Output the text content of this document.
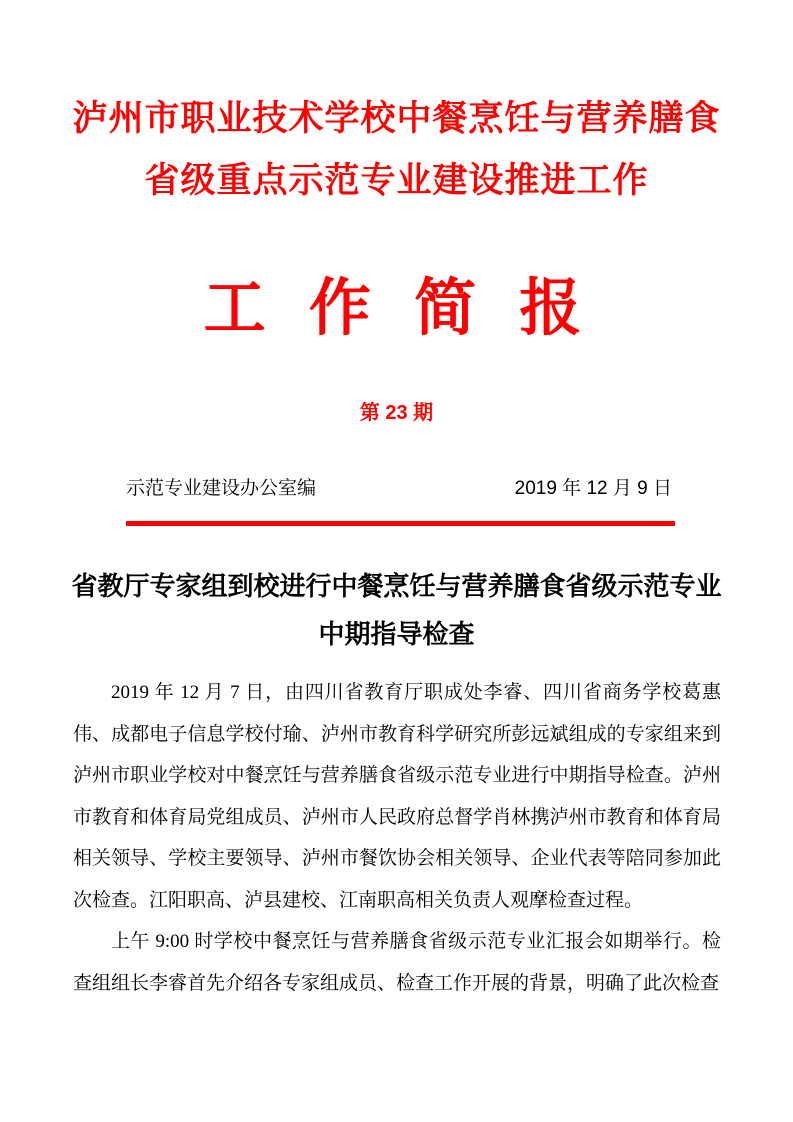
泸州市职业技术学校中餐烹饪与营养膳食
省级重点示范专业建设推进工作
工 作 简 报
第 23 期
示范专业建设办公室编	2019 年 12 月 9 日
省教厅专家组到校进行中餐烹饪与营养膳食省级示范专业
中期指导检查

2019 年 12 月 7 日，由四川省教育厅职成处李睿、四川省商务学校葛惠伟、成都电子信息学校付瑜、泸州市教育科学研究所彭远斌组成的专家组来到泸州市职业学校对中餐烹饪与营养膳食省级示范专业进行中期指导检查。泸州市教育和体育局党组成员、泸州市人民政府总督学肖林携泸州市教育和体育局相关领导、学校主要领导、泸州市餐饮协会相关领导、企业代表等陪同参加此次检查。江阳职高、泸县建校、江南职高相关负责人观摩检查过程。

上午 9:00 时学校中餐烹饪与营养膳食省级示范专业汇报会如期举行。检查组组长李睿首先介绍各专家组成员、检查工作开展的背景，明确了此次检查
